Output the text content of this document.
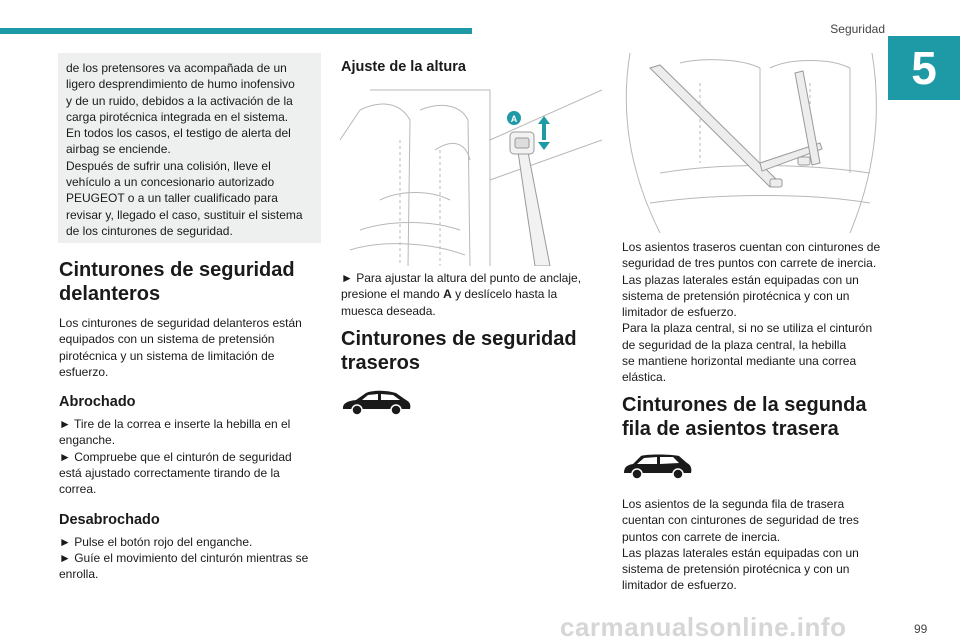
Seguridad
5

de los pretensores va acompañada de un

ligero desprendimiento de humo inofensivo

y de un ruido, debidos a la activación de la

carga pirotécnica integrada en el sistema.

En todos los casos, el testigo de alerta del

airbag se enciende.

Después de sufrir una colisión, lleve el

vehículo a un concesionario autorizado

PEUGEOT o a un taller cualificado para

revisar y, llegado el caso, sustituir el sistema

de los cinturones de seguridad.

Cinturones de seguridad
delanteros

Los cinturones de seguridad delanteros están

equipados con un sistema de pretensión

pirotécnica y un sistema de limitación de

esfuerzo.

Abrochado

► Tire de la correa e inserte la hebilla en el

enganche.

► Compruebe que el cinturón de seguridad

está ajustado correctamente tirando de la

correa.

Desabrochado

► Pulse el botón rojo del enganche.

► Guíe el movimiento del cinturón mientras se

enrolla.

Ajuste de la altura
A

► Para ajustar la altura del punto de anclaje,

presione el mando A y deslícelo hasta la

muesca deseada.

Cinturones de seguridad
traseros

Los asientos traseros cuentan con cinturones de

seguridad de tres puntos con carrete de inercia.

Las plazas laterales están equipadas con un

sistema de pretensión pirotécnica y con un

limitador de esfuerzo.

Para la plaza central, si no se utiliza el cinturón

de seguridad de la plaza central, la hebilla

se mantiene horizontal mediante una correa

elástica.

Cinturones de la segunda
fila de asientos trasera

Los asientos de la segunda fila de trasera

cuentan con cinturones de seguridad de tres

puntos con carrete de inercia.

Las plazas laterales están equipadas con un

sistema de pretensión pirotécnica y con un

limitador de esfuerzo.

carmanualsonline.info	99
